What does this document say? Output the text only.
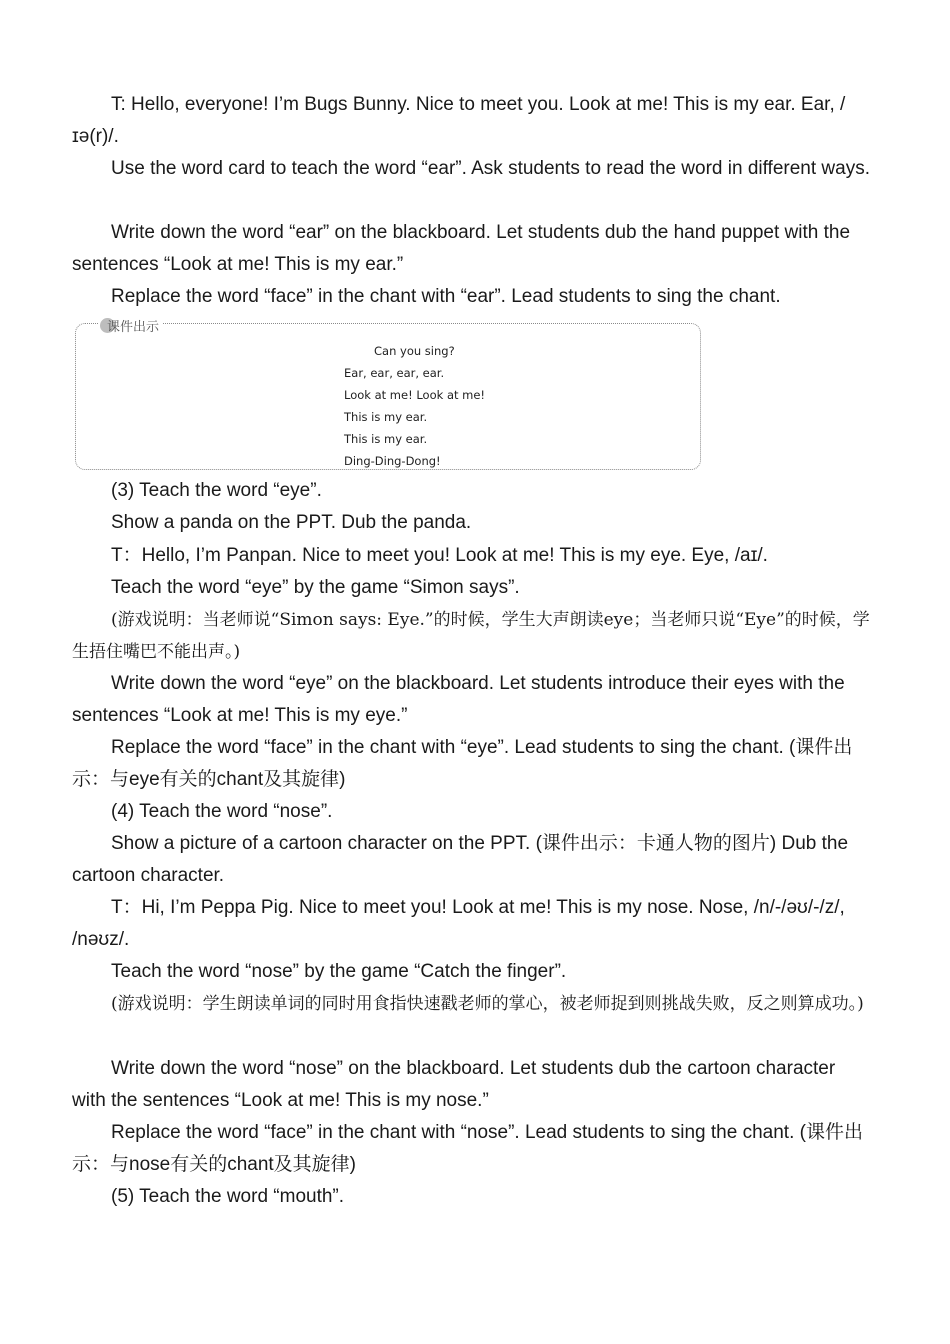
T: Hello, everyone! I’m Bugs Bunny. Nice to meet you. Look at me! This is my ear. Ear, /ɪə(r)/.

Use the word card to teach the word “ear”. Ask students to read the word in different ways.

Write down the word “ear” on the blackboard. Let students dub the hand puppet with the sentences “Look at me! This is my ear.”

Replace the word “face” in the chant with “ear”. Lead students to sing the chant.

课件出示
Can you sing?
Ear, ear, ear, ear.
Look at me! Look at me!
This is my ear.
This is my ear.
Ding-Ding-Dong!

(3) Teach the word “eye”.

Show a panda on the PPT. Dub the panda.

T：Hello, I’m Panpan. Nice to meet you! Look at me! This is my eye. Eye, /aɪ/.

Teach the word “eye” by the game “Simon says”.

(游戏说明：当老师说“Simon says: Eye.”的时候，学生大声朗读eye；当老师只说“Eye”的时候，学生捂住嘴巴不能出声。)

Write down the word “eye” on the blackboard. Let students introduce their eyes with the sentences “Look at me! This is my eye.”

Replace the word “face” in the chant with “eye”. Lead students to sing the chant. (课件出示：与eye有关的chant及其旋律)

(4) Teach the word “nose”.

Show a picture of a cartoon character on the PPT. (课件出示：卡通人物的图片) Dub the cartoon character.

T：Hi, I’m Peppa Pig. Nice to meet you! Look at me! This is my nose. Nose, /n/-/əʊ/-/z/, /nəʊz/.

Teach the word “nose” by the game “Catch the finger”.

(游戏说明：学生朗读单词的同时用食指快速戳老师的掌心，被老师捉到则挑战失败，反之则算成功。)

Write down the word “nose” on the blackboard. Let students dub the cartoon character with the sentences “Look at me! This is my nose.”

Replace the word “face” in the chant with “nose”. Lead students to sing the chant. (课件出示：与nose有关的chant及其旋律)

(5) Teach the word “mouth”.
